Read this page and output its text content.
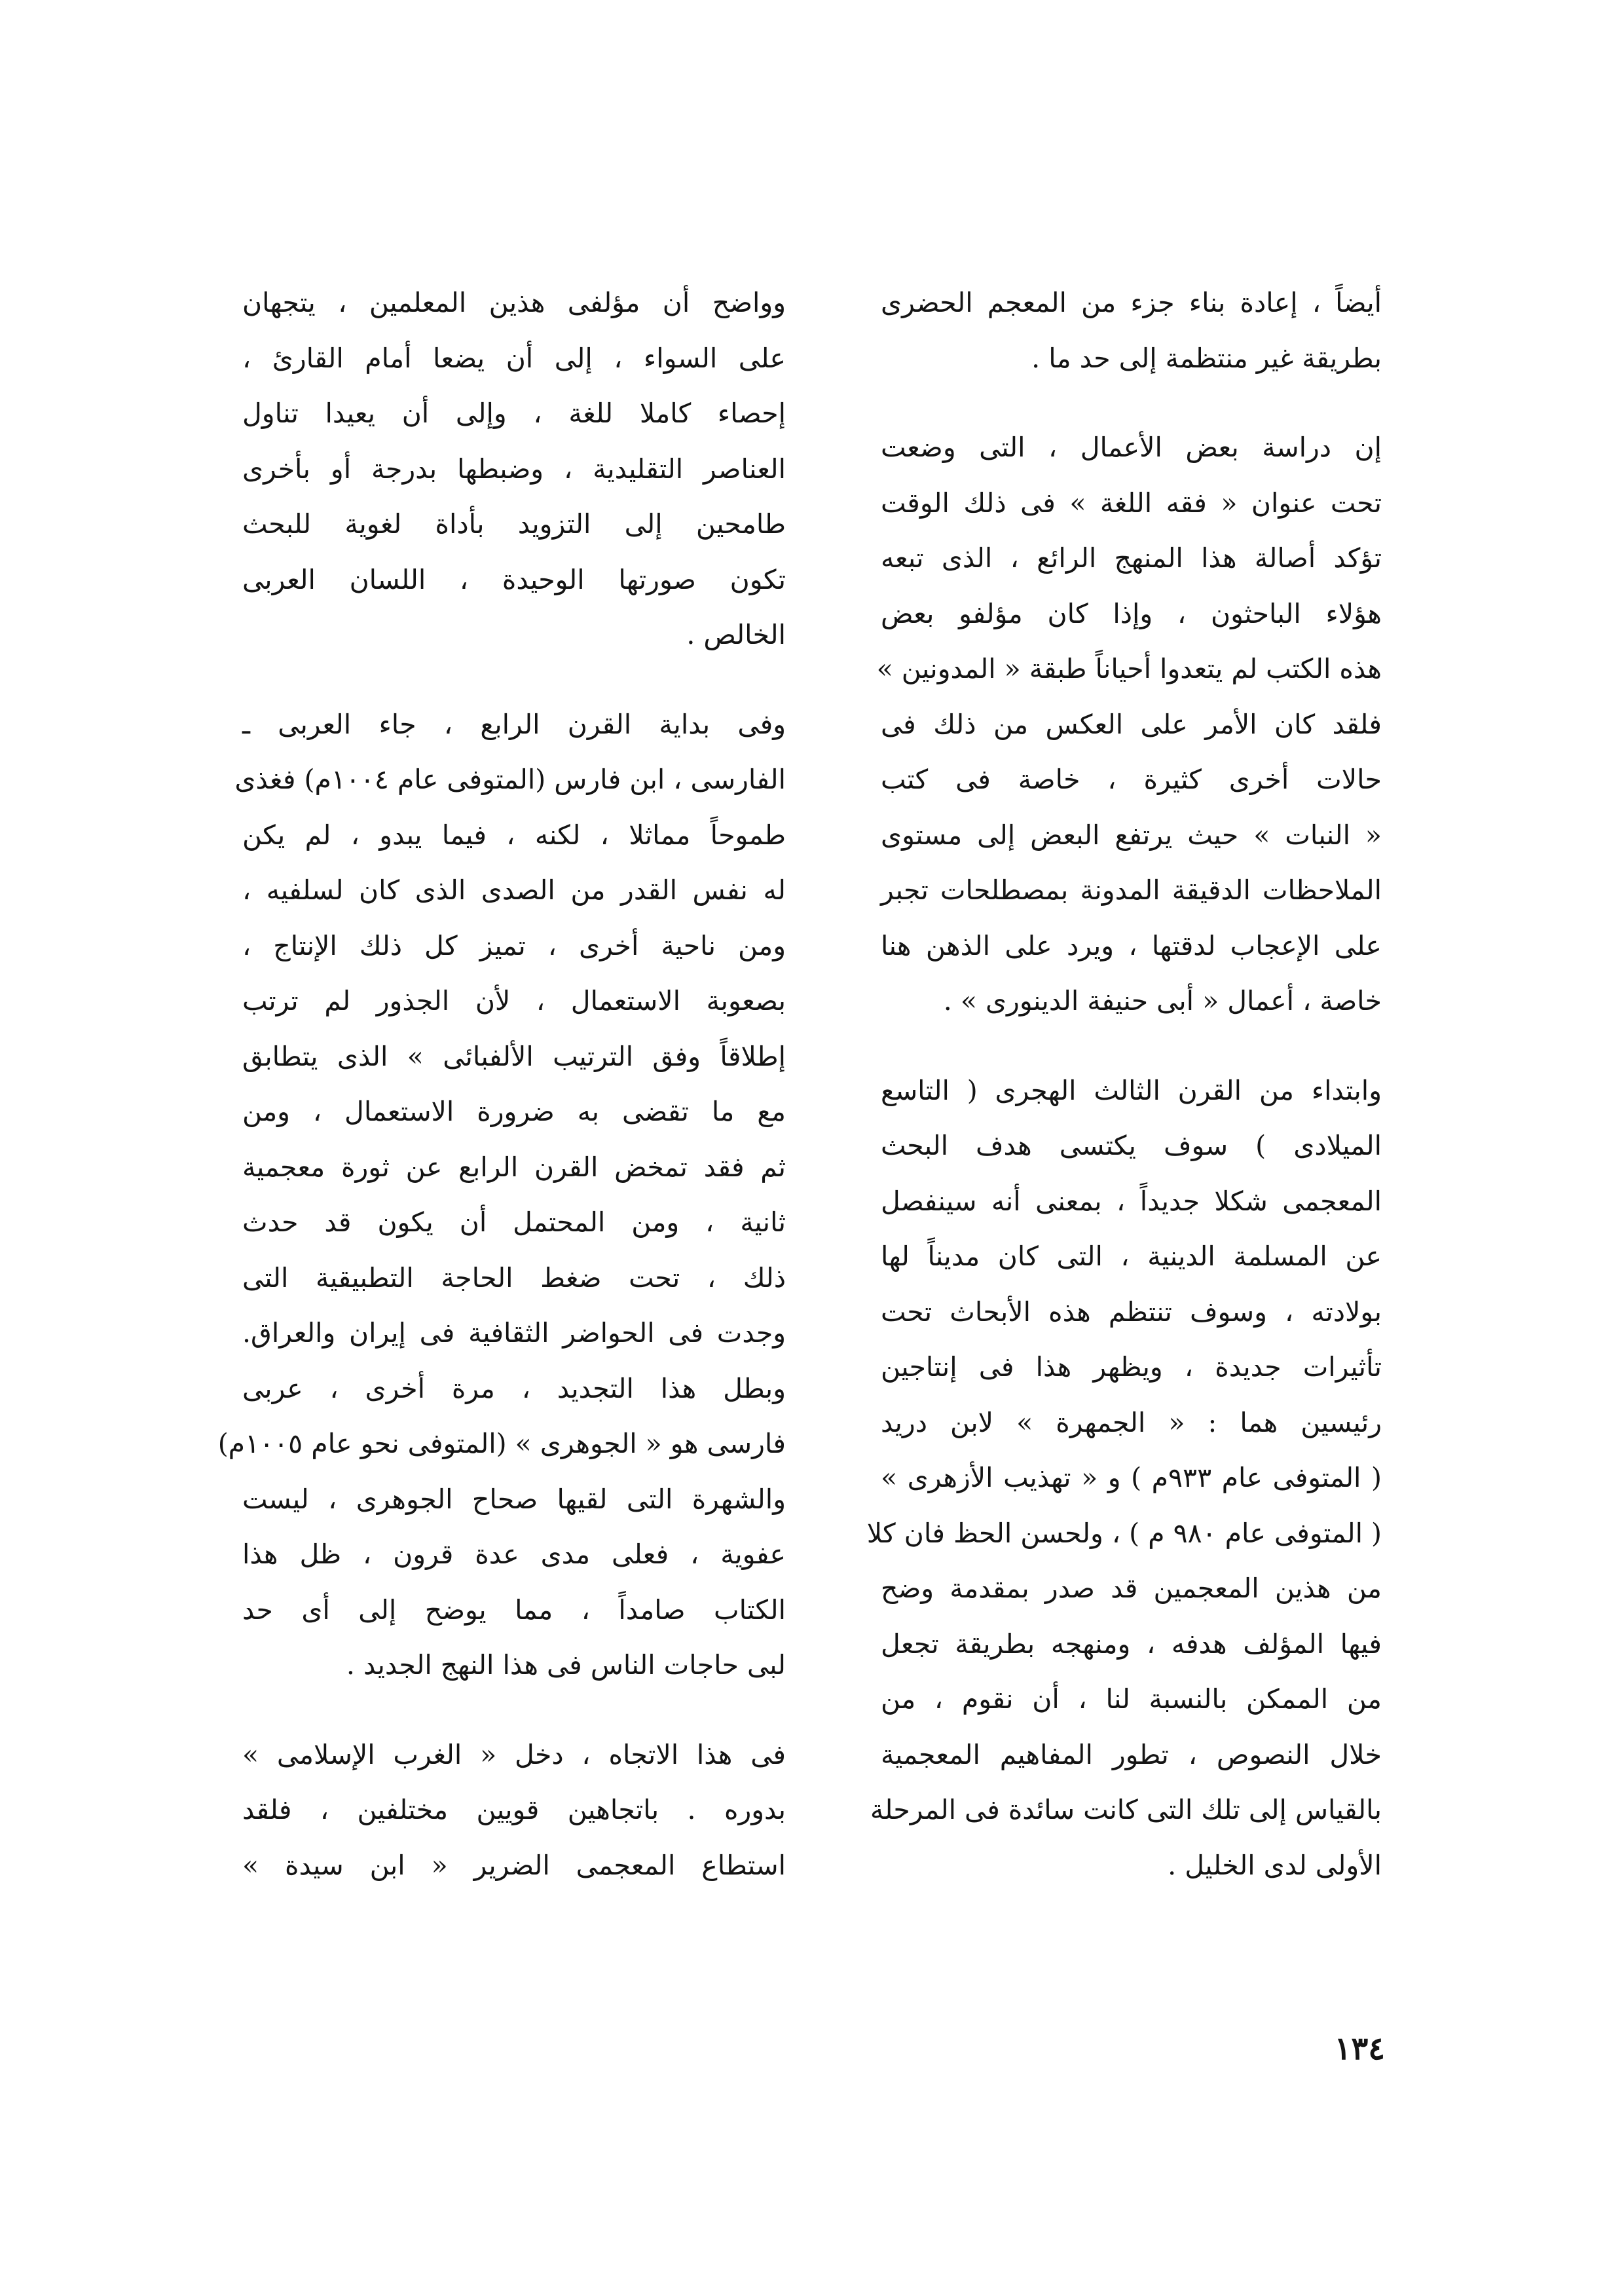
أيضاً ، إعادة بناء جزء من المعجم الحضرى
بطريقة غير منتظمة إلى حد ما .
إن دراسة بعض الأعمال ، التى وضعت
تحت عنوان « فقه اللغة » فى ذلك الوقت
تؤكد أصالة هذا المنهج الرائع ، الذى تبعه
هؤلاء الباحثون ، وإذا كان مؤلفو بعض
هذه الكتب لم يتعدوا أحياناً طبقة « المدونين »
فلقد كان الأمر على العكس من ذلك فى
حالات أخرى كثيرة ، خاصة فى كتب
« النبات » حيث يرتفع البعض إلى مستوى
الملاحظات الدقيقة المدونة بمصطلحات تجبر
على الإعجاب لدقتها ، ويرد على الذهن هنا
خاصة ، أعمال « أبى حنيفة الدينورى » .
وابتداء من القرن الثالث الهجرى ( التاسع
الميلادى ) سوف يكتسى هدف البحث
المعجمى شكلا جديداً ، بمعنى أنه سينفصل
عن المسلمة الدينية ، التى كان مديناً لها
بولادته ، وسوف تنتظم هذه الأبحاث تحت
تأثيرات جديدة ، ويظهر هذا فى إنتاجين
رئيسين هما : « الجمهرة » لابن دريد
( المتوفى عام ٩٣٣م ) و « تهذيب الأزهرى »
( المتوفى عام ٩٨٠ م ) ، ولحسن الحظ فان كلا
من هذين المعجمين قد صدر بمقدمة وضح
فيها المؤلف هدفه ، ومنهجه بطريقة تجعل
من الممكن بالنسبة لنا ، أن نقوم ، من
خلال النصوص ، تطور المفاهيم المعجمية
بالقياس إلى تلك التى كانت سائدة فى المرحلة
الأولى لدى الخليل .
وواضح أن مؤلفى هذين المعلمين ، يتجهان
على السواء ، إلى أن يضعا أمام القارئ ،
إحصاء كاملا للغة ، وإلى أن يعيدا تناول
العناصر التقليدية ، وضبطها بدرجة أو بأخرى
طامحين إلى التزويد بأداة لغوية للبحث
تكون صورتها الوحيدة ، اللسان العربى
الخالص .
وفى بداية القرن الرابع ، جاء العربى ـ
الفارسى ، ابن فارس (المتوفى عام ١٠٠٤م) فغذى
طموحاً مماثلا ، لكنه ، فيما يبدو ، لم يكن
له نفس القدر من الصدى الذى كان لسلفيه ،
ومن ناحية أخرى ، تميز كل ذلك الإنتاج ،
بصعوبة الاستعمال ، لأن الجذور لم ترتب
إطلاقاً وفق الترتيب الألفبائى » الذى يتطابق
مع ما تقضى به ضرورة الاستعمال ، ومن
ثم فقد تمخض القرن الرابع عن ثورة معجمية
ثانية ، ومن المحتمل أن يكون قد حدث
ذلك ، تحت ضغط الحاجة التطبيقية التى
وجدت فى الحواضر الثقافية فى إيران والعراق.
وبطل هذا التجديد ، مرة أخرى ، عربى
فارسى هو « الجوهرى » (المتوفى نحو عام ١٠٠٥م)
والشهرة التى لقيها صحاح الجوهرى ، ليست
عفوية ، فعلى مدى عدة قرون ، ظل هذا
الكتاب صامداً ، مما يوضح إلى أى حد
لبى حاجات الناس فى هذا النهج الجديد .
فى هذا الاتجاه ، دخل « الغرب الإسلامى »
بدوره . باتجاهين قويين مختلفين ، فلقد
استطاع المعجمى الضرير « ابن سيدة »
١٣٤
